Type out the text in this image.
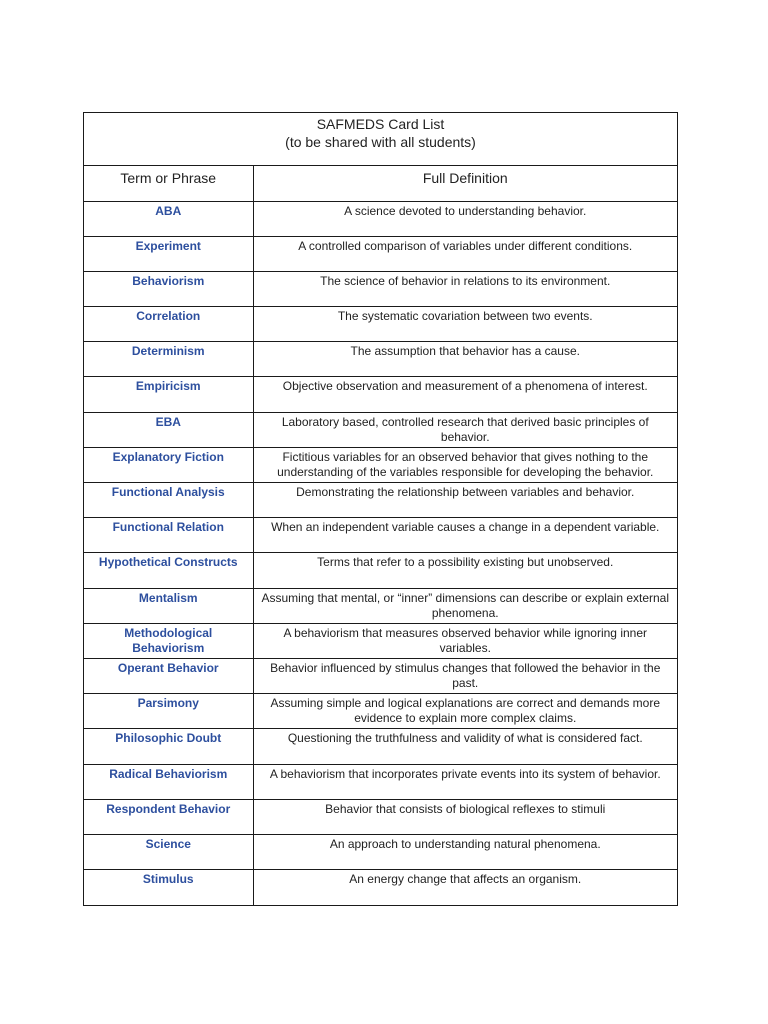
SAFMEDS Card List
(to be shared with all students)
Term or Phrase	Full Definition
ABA	A science devoted to understanding behavior.
Experiment	A controlled comparison of variables under different conditions.
Behaviorism	The science of behavior in relations to its environment.
Correlation	The systematic covariation between two events.
Determinism	The assumption that behavior has a cause.
Empiricism	Objective observation and measurement of a phenomena of interest.
EBA	Laboratory based, controlled research that derived basic principles of behavior.
Explanatory Fiction	Fictitious variables for an observed behavior that gives nothing to the understanding of the variables responsible for developing the behavior.
Functional Analysis	Demonstrating the relationship between variables and behavior.
Functional Relation	When an independent variable causes a change in a dependent variable.
Hypothetical Constructs	Terms that refer to a possibility existing but unobserved.
Mentalism	Assuming that mental, or “inner” dimensions can describe or explain external phenomena.
Methodological Behaviorism	A behaviorism that measures observed behavior while ignoring inner variables.
Operant Behavior	Behavior influenced by stimulus changes that followed the behavior in the past.
Parsimony	Assuming simple and logical explanations are correct and demands more evidence to explain more complex claims.
Philosophic Doubt	Questioning the truthfulness and validity of what is considered fact.
Radical Behaviorism	A behaviorism that incorporates private events into its system of behavior.
Respondent Behavior	Behavior that consists of biological reflexes to stimuli
Science	An approach to understanding natural phenomena.
Stimulus	An energy change that affects an organism.
